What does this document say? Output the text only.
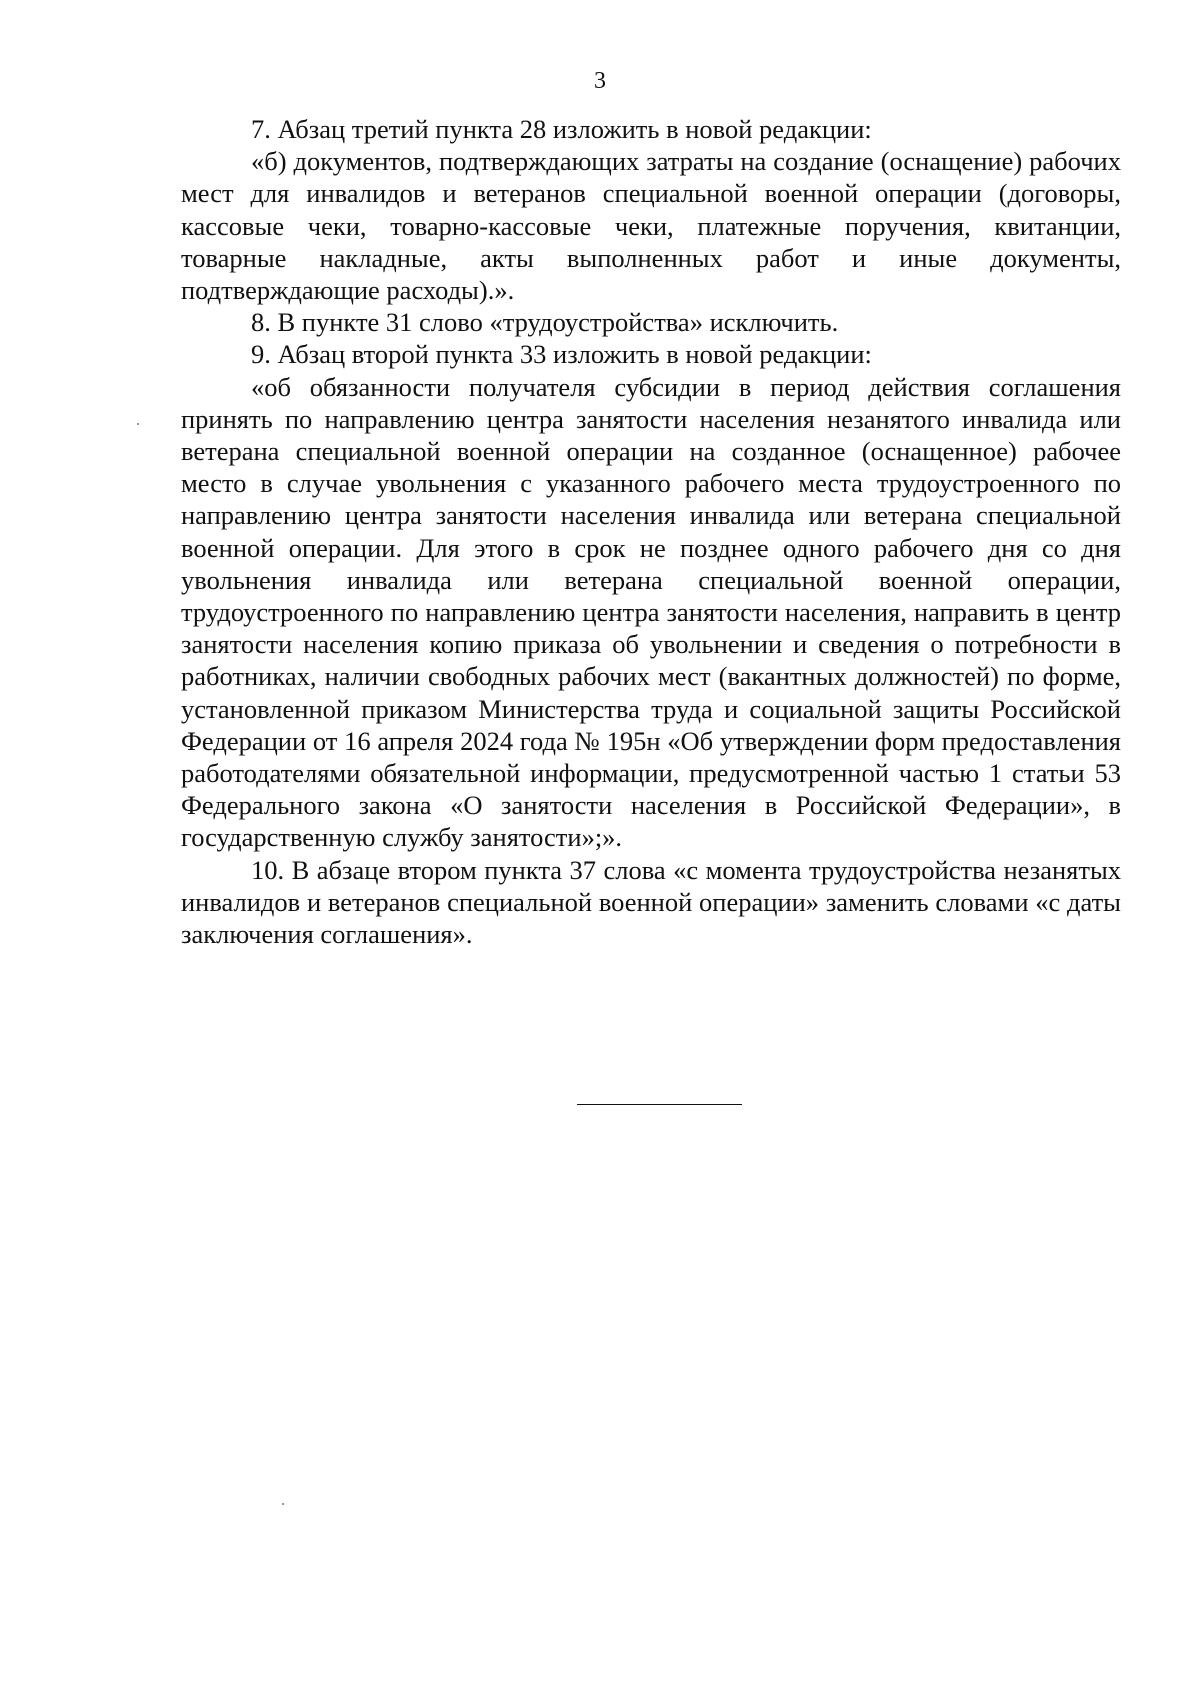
3

7. Абзац третий пункта 28 изложить в новой редакции:

«б) документов, подтверждающих затраты на создание (оснащение) рабочих мест для инвалидов и ветеранов специальной военной операции (договоры, кассовые чеки, товарно-кассовые чеки, платежные поручения, квитанции, товарные накладные, акты выполненных работ и иные документы, подтверждающие расходы).».

8. В пункте 31 слово «трудоустройства» исключить.

9. Абзац второй пункта 33 изложить в новой редакции:

«об обязанности получателя субсидии в период действия соглашения принять по направлению центра занятости населения незанятого инвалида или ветерана специальной военной операции на созданное (оснащенное) рабочее место в случае увольнения с указанного рабочего места трудоустроенного по направлению центра занятости населения инвалида или ветерана специальной военной операции. Для этого в срок не позднее одного рабочего дня со дня увольнения инвалида или ветерана специальной военной операции, трудоустроенного по направлению центра занятости населения, направить в центр занятости населения копию приказа об увольнении и сведения о потребности в работниках, наличии свободных рабочих мест (вакантных должностей) по форме, установленной приказом Министерства труда и социальной защиты Российской Федерации от 16 апреля 2024 года № 195н «Об утверждении форм предоставления работодателями обязательной информации, предусмотренной частью 1 статьи 53 Федерального закона «О занятости населения в Российской Федерации», в государственную службу занятости»;».

10. В абзаце втором пункта 37 слова «с момента трудоустройства незанятых инвалидов и ветеранов специальной военной операции» заменить словами «с даты заключения соглашения».
